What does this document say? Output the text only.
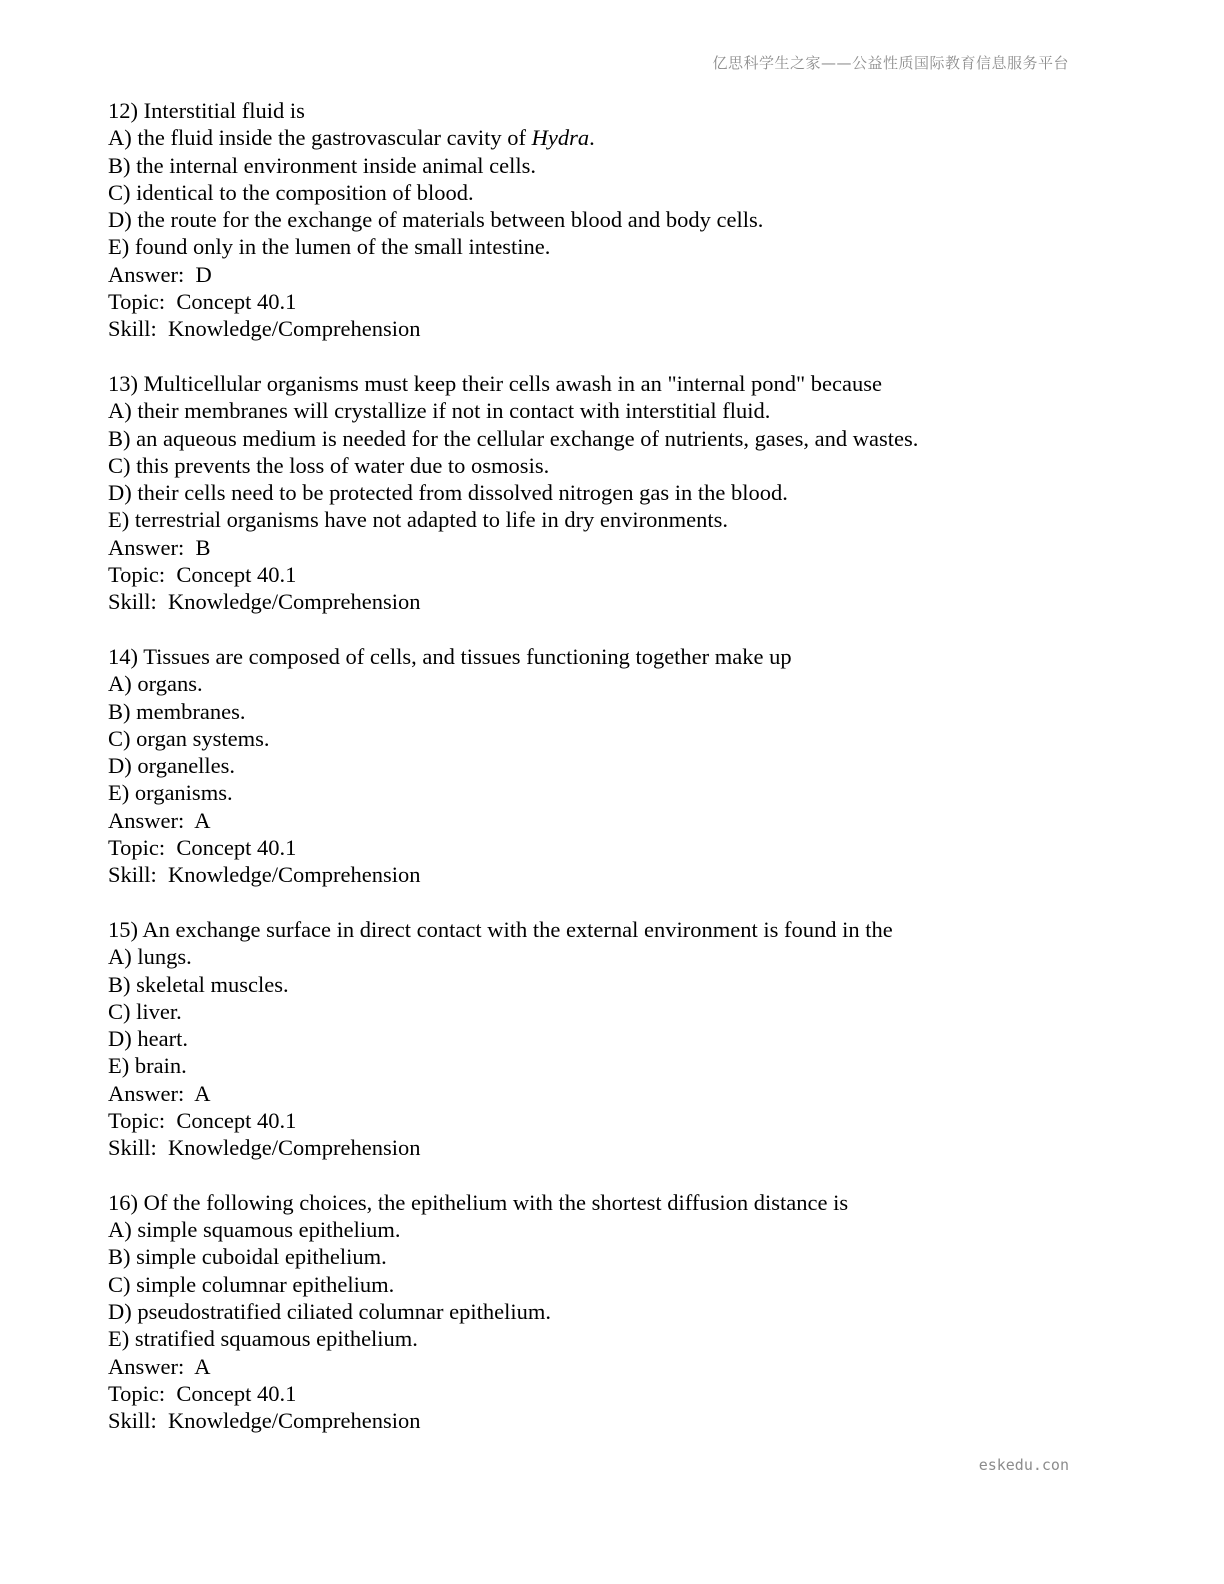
亿思科学生之家——公益性质国际教育信息服务平台
12) Interstitial fluid is
A) the fluid inside the gastrovascular cavity of Hydra.
B) the internal environment inside animal cells.
C) identical to the composition of blood.
D) the route for the exchange of materials between blood and body cells.
E) found only in the lumen of the small intestine.
Answer: D
Topic: Concept 40.1
Skill: Knowledge/Comprehension
13) Multicellular organisms must keep their cells awash in an "internal pond" because
A) their membranes will crystallize if not in contact with interstitial fluid.
B) an aqueous medium is needed for the cellular exchange of nutrients, gases, and wastes.
C) this prevents the loss of water due to osmosis.
D) their cells need to be protected from dissolved nitrogen gas in the blood.
E) terrestrial organisms have not adapted to life in dry environments.
Answer: B
Topic: Concept 40.1
Skill: Knowledge/Comprehension
14) Tissues are composed of cells, and tissues functioning together make up
A) organs.
B) membranes.
C) organ systems.
D) organelles.
E) organisms.
Answer: A
Topic: Concept 40.1
Skill: Knowledge/Comprehension
15) An exchange surface in direct contact with the external environment is found in the
A) lungs.
B) skeletal muscles.
C) liver.
D) heart.
E) brain.
Answer: A
Topic: Concept 40.1
Skill: Knowledge/Comprehension
16) Of the following choices, the epithelium with the shortest diffusion distance is
A) simple squamous epithelium.
B) simple cuboidal epithelium.
C) simple columnar epithelium.
D) pseudostratified ciliated columnar epithelium.
E) stratified squamous epithelium.
Answer: A
Topic: Concept 40.1
Skill: Knowledge/Comprehension
eskedu.con
